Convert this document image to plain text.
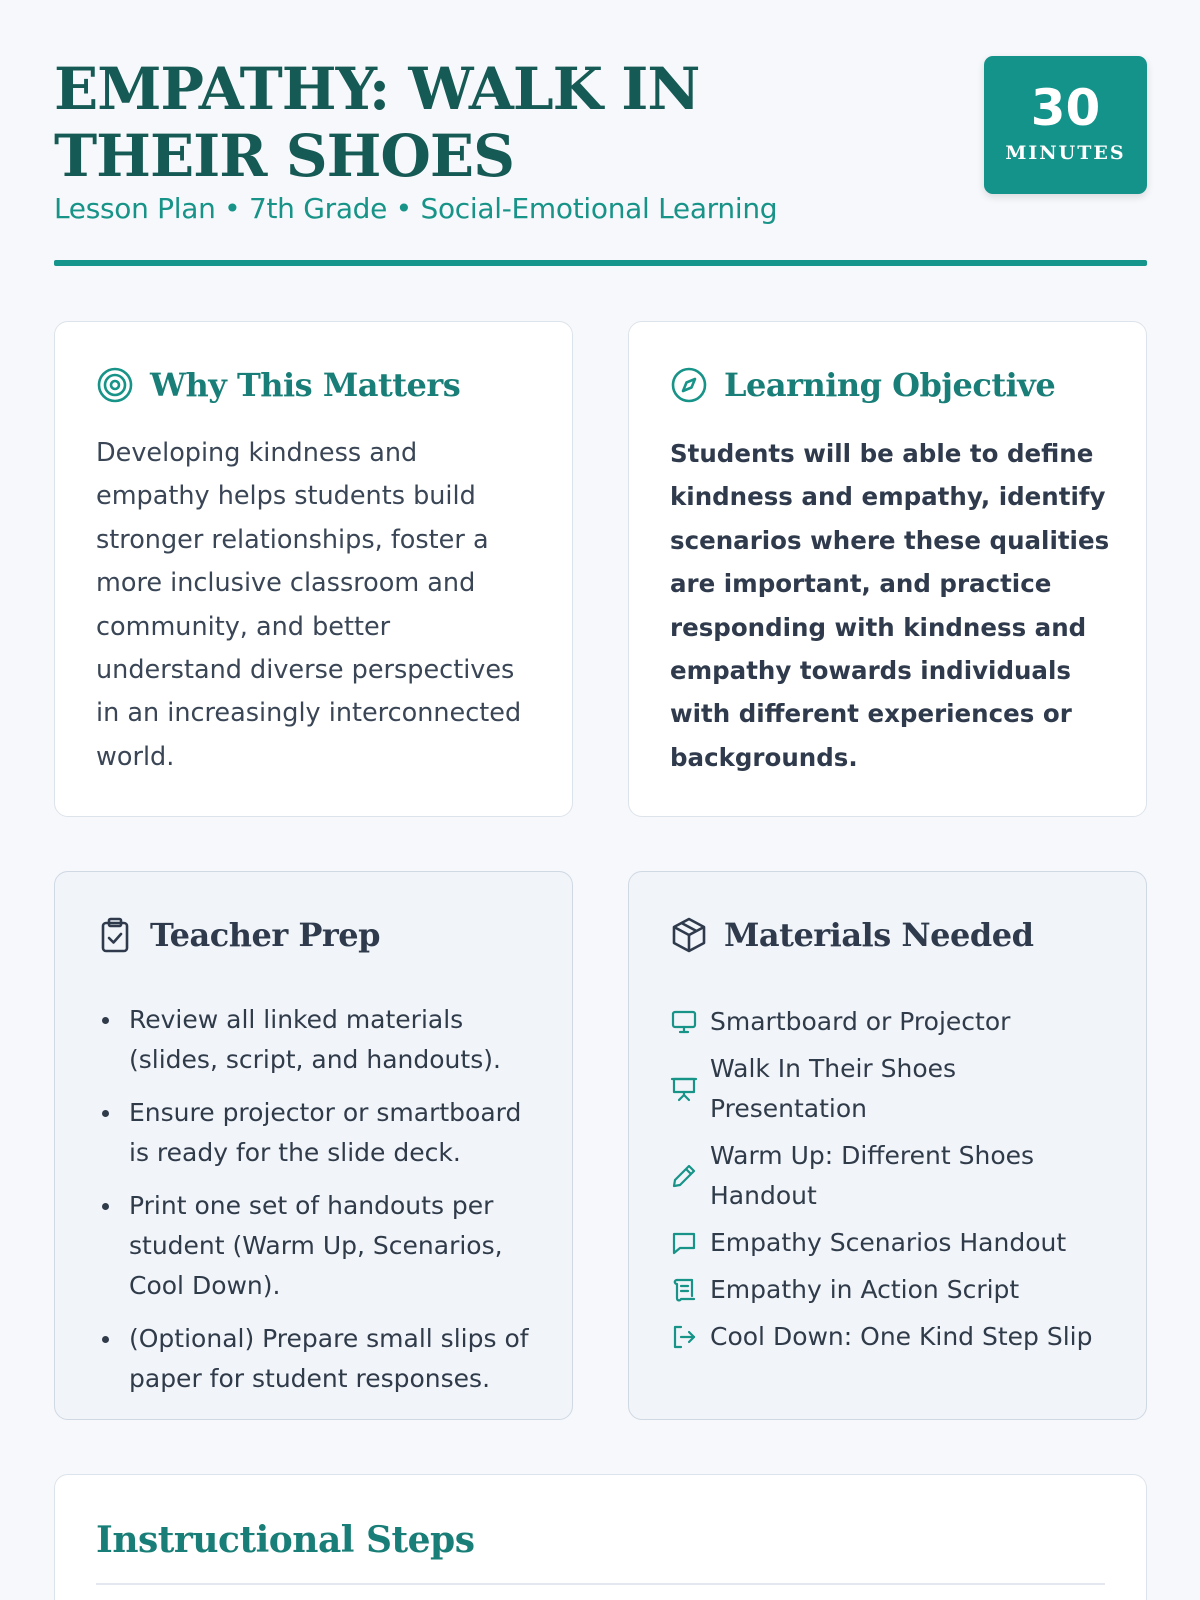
EMPATHY: WALK IN THEIR SHOES
Lesson Plan • 7th Grade • Social-Emotional Learning
30
MINUTES
Why This Matters

Developing kindness and empathy helps students build stronger relationships, foster a more inclusive classroom and community, and better understand diverse perspectives in an increasingly interconnected world.

Learning Objective

Students will be able to define kindness and empathy, identify scenarios where these qualities are important, and practice responding with kindness and empathy towards individuals with different experiences or backgrounds.

Teacher Prep
Review all linked materials (slides, script, and handouts).
Ensure projector or smartboard is ready for the slide deck.
Print one set of handouts per student (Warm Up, Scenarios, Cool Down).
(Optional) Prepare small slips of paper for student responses.
Materials Needed
Smartboard or Projector
Walk In Their Shoes Presentation
Warm Up: Different Shoes Handout
Empathy Scenarios Handout
Empathy in Action Script
Cool Down: One Kind Step Slip
Instructional Steps
